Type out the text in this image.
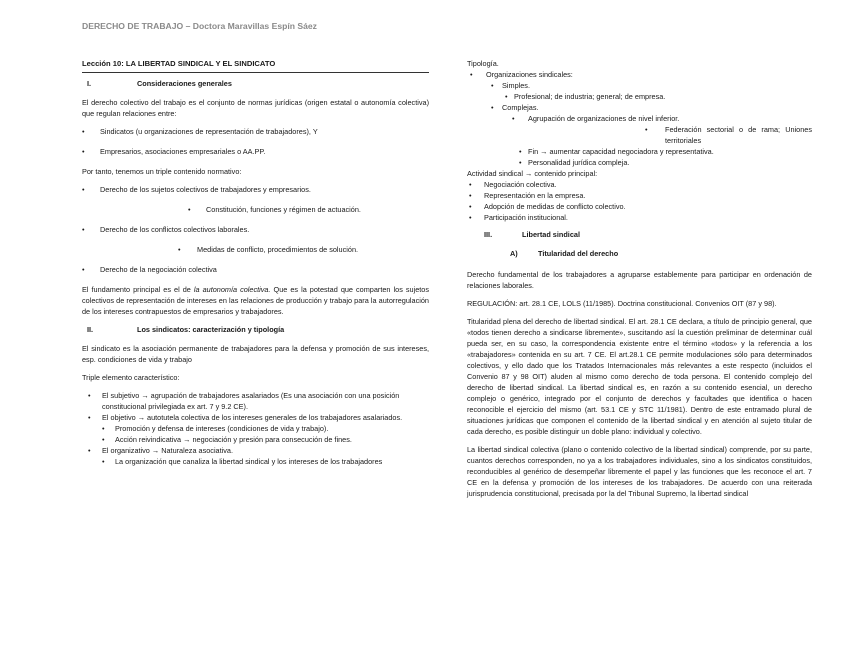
DERECHO DE TRABAJO – Doctora Maravillas Espín Sáez
Lección 10: LA LIBERTAD SINDICAL Y EL SINDICATO
I.	Consideraciones generales

El derecho colectivo del trabajo es el conjunto de normas jurídicas (origen estatal o autonomía colectiva) que regulan relaciones entre:

• Sindicatos (u organizaciones de representación de trabajadores), Y
• Empresarios, asociaciones empresariales o AA.PP.

Por tanto, tenemos un triple contenido normativo:

• Derecho de los sujetos colectivos de trabajadores y empresarios.
• Constitución, funciones y régimen de actuación.
• Derecho de los conflictos colectivos laborales.
• Medidas de conflicto, procedimientos de solución.
• Derecho de la negociación colectiva

El fundamento principal es el de la autonomía colectiva. Que es la potestad que comparten los sujetos colectivos de representación de intereses en las relaciones de producción y trabajo para la autorregulación de los intereses contrapuestos de empresarios y trabajadores.

II.	Los sindicatos: caracterización y tipología

El sindicato es la asociación permanente de trabajadores para la defensa y promoción de sus intereses, esp. condiciones de vida y trabajo

Triple elemento característico:

• El subjetivo → agrupación de trabajadores asalariados (Es una asociación con una posición constitucional privilegiada ex art. 7 y 9.2 CE).
• El objetivo → autotutela colectiva de los intereses generales de los trabajadores asalariados.
• Promoción y defensa de intereses (condiciones de vida y trabajo).
• Acción reivindicativa → negociación y presión para consecución de fines.
• El organizativo → Naturaleza asociativa.
• La organización que canaliza la libertad sindical y los intereses de los trabajadores
Tipología.
• Organizaciones sindicales:
• Simples.
• Profesional; de industria; general; de empresa.
• Complejas.
• Agrupación de organizaciones de nivel inferior.
• Federación sectorial o de rama; Uniones territoriales
• Fin → aumentar capacidad negociadora y representativa.
• Personalidad jurídica compleja.
Actividad sindical → contenido principal:
• Negociación colectiva.
• Representación en la empresa.
• Adopción de medidas de conflicto colectivo.
• Participación institucional.
III.	Libertad sindical
A)	Titularidad del derecho

Derecho fundamental de los trabajadores a agruparse establemente para participar en ordenación de relaciones laborales.

REGULACIÓN: art. 28.1 CE, LOLS (11/1985). Doctrina constitucional. Convenios OIT (87 y 98).

Titularidad plena del derecho de libertad sindical. El art. 28.1 CE declara, a título de principio general, que «todos tienen derecho a sindicarse libremente», suscitando así la cuestión preliminar de determinar cuál pueda ser, en su caso, la correspondencia existente entre el término «todos» y la referencia a los «trabajadores» contenida en su art. 7 CE. El art.28.1 CE permite modulaciones sólo para determinados colectivos, y ello dado que los Tratados Internacionales más relevantes a este respecto (incluidos el Convenio 87 y 98 OIT) aluden al mismo como derecho de toda persona. El contenido complejo del derecho de libertad sindical. La libertad sindical es, en razón a su contenido esencial, un derecho complejo o genérico, integrado por el conjunto de derechos y facultades que identifica o hacen reconocible el ejercicio del mismo (art. 53.1 CE y STC 11/1981). Dentro de este entramado plural de situaciones jurídicas que componen el contenido de la libertad sindical y en atención al sujeto titular de cada derecho, es posible distinguir un doble plano: individual y colectivo.

La libertad sindical colectiva (plano o contenido colectivo de la libertad sindical) comprende, por su parte, cuantos derechos corresponden, no ya a los trabajadores individuales, sino a los sindicatos constituidos, reconducibles al genérico de desempeñar libremente el papel y las funciones que les reconoce el art. 7 CE en la defensa y promoción de los intereses de los trabajadores. De acuerdo con una reiterada jurisprudencia constitucional, precisada por la del Tribunal Supremo, la libertad sindical
